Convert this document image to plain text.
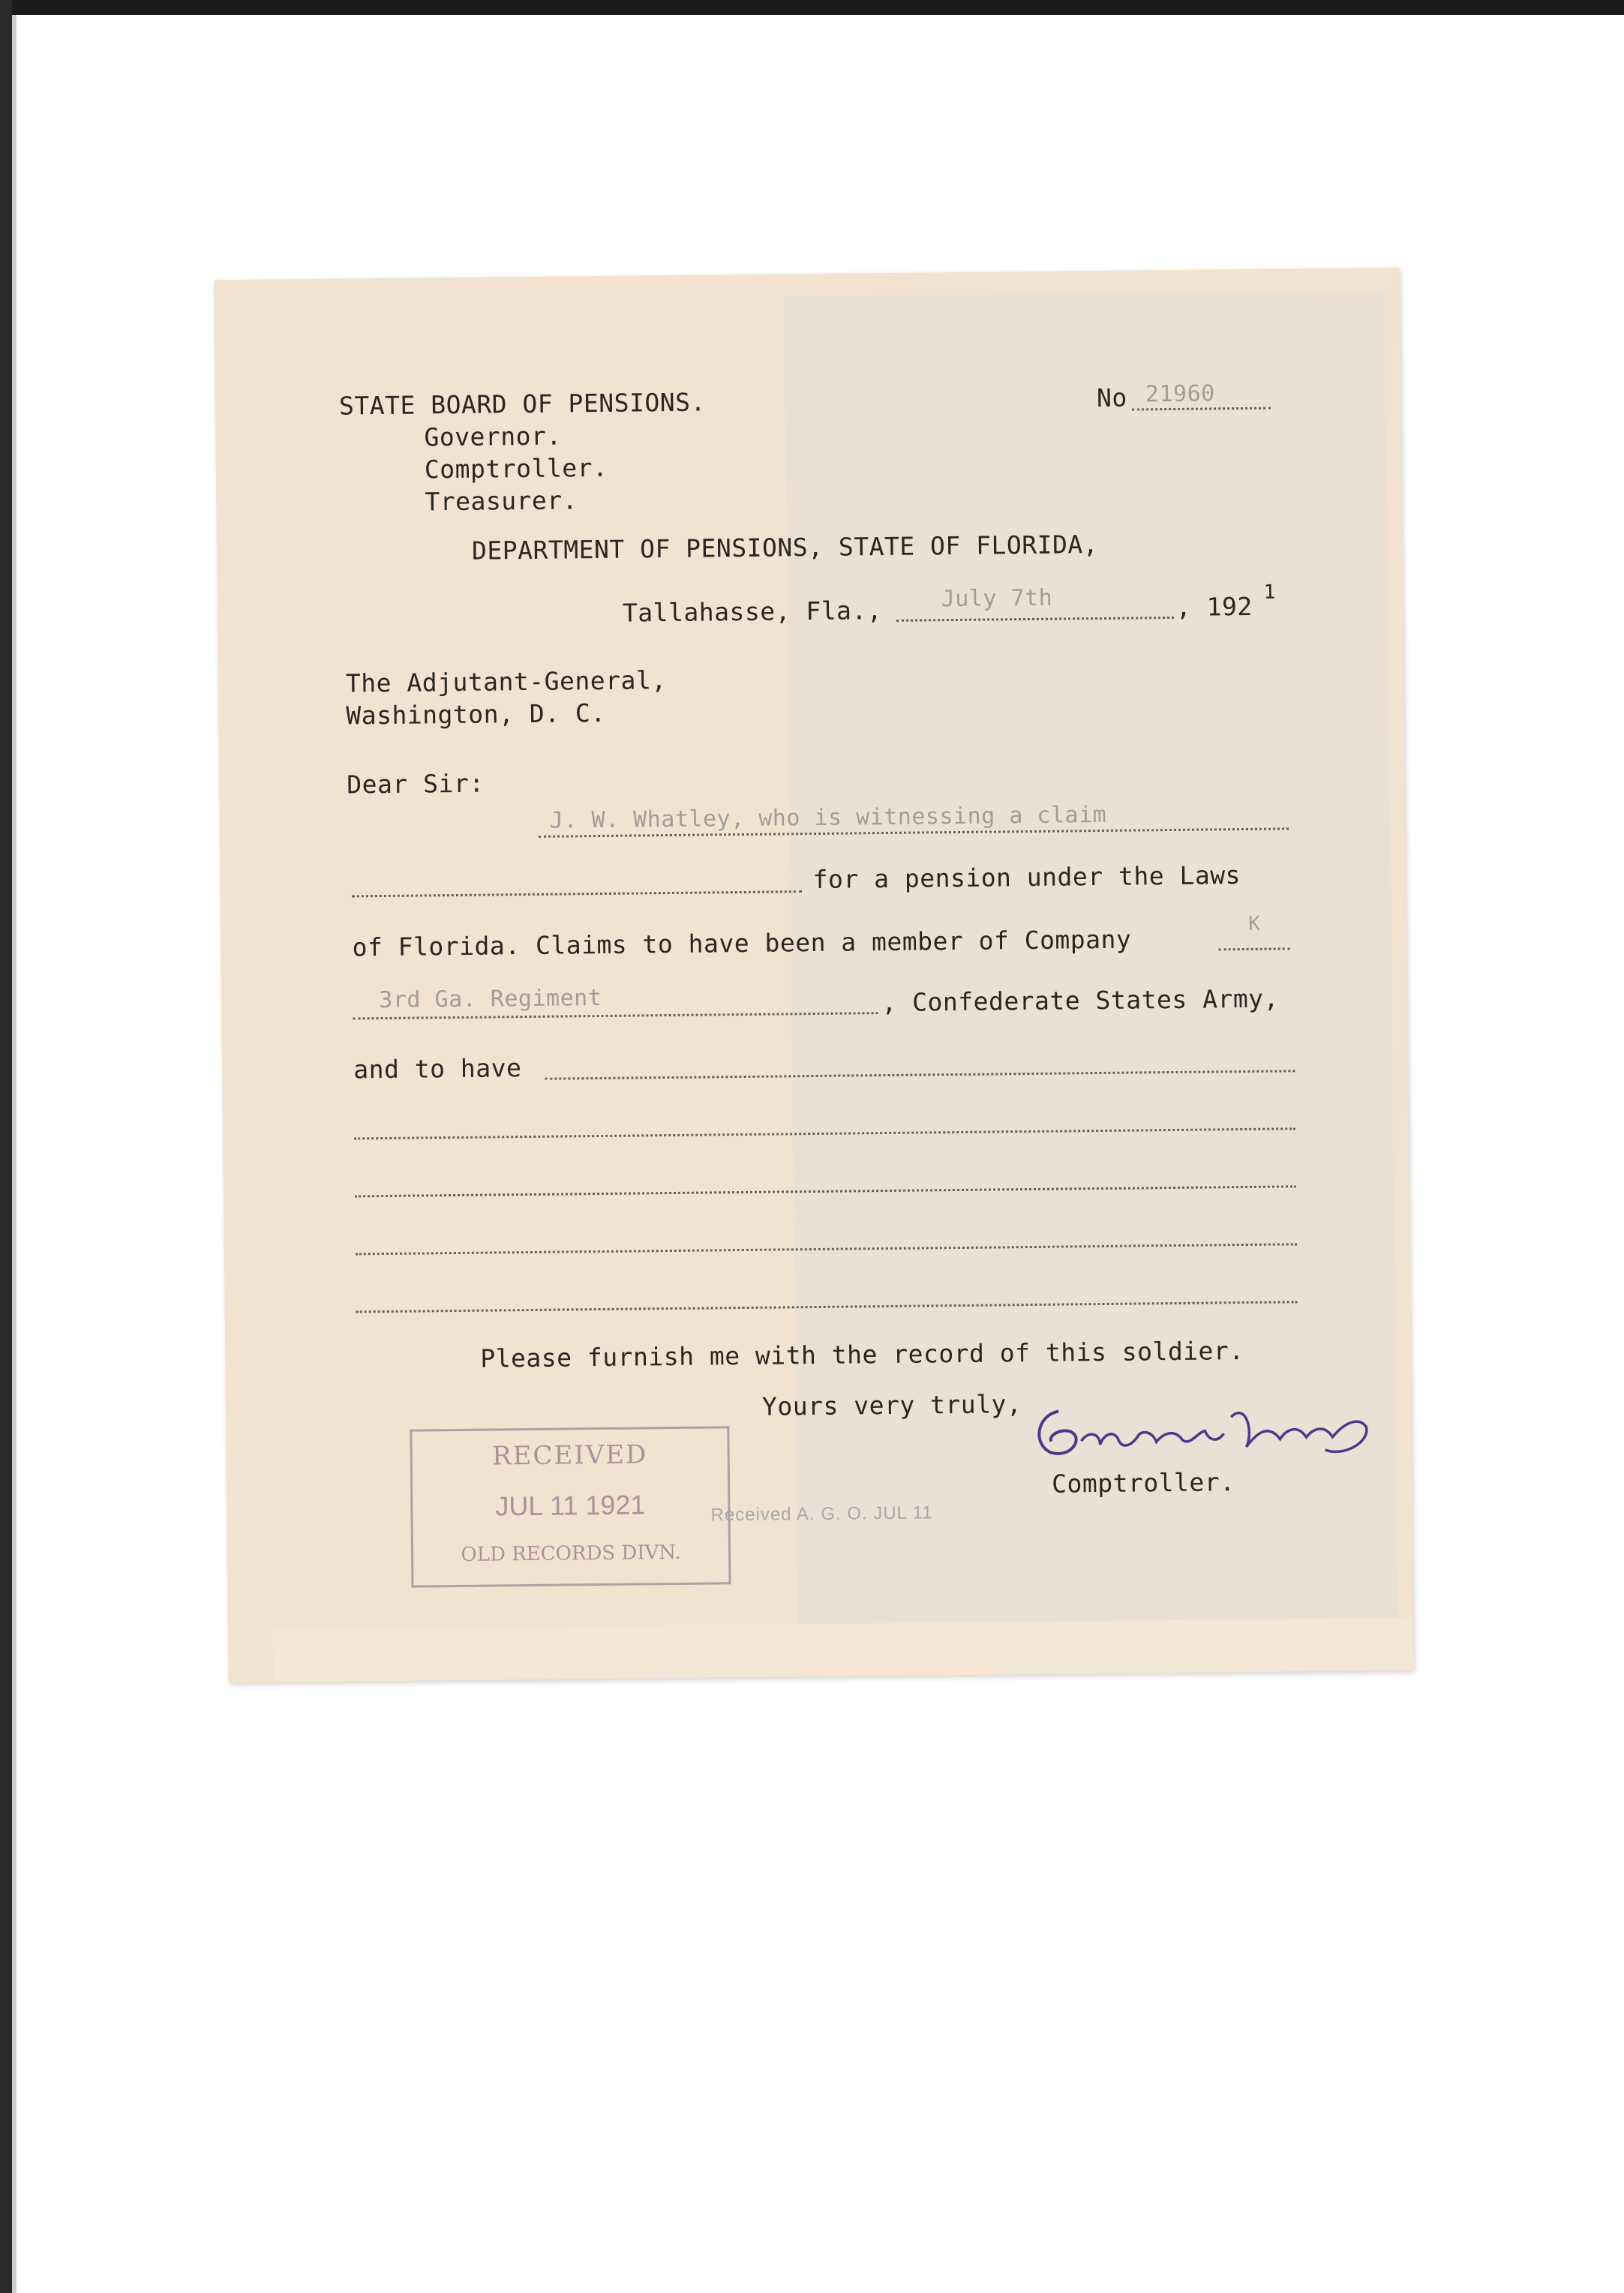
STATE BOARD OF PENSIONS.
Governor.
Comptroller.
Treasurer.
No 21960
DEPARTMENT OF PENSIONS, STATE OF FLORIDA,
Tallahasse, Fla.,	July 7th	, 192 1
The Adjutant-General,
Washington, D. C.
Dear Sir:
J. W. Whatley, who is witnessing a claim
for a pension under the Laws
of Florida. Claims to have been a member of Company
K
3rd Ga. Regiment	, Confederate States Army,
and to have
Please furnish me with the record of this soldier.
Yours very truly,
Comptroller.
RECEIVED
JUL 11 1921
OLD RECORDS DIVN.
Received A. G. O. JUL 11
